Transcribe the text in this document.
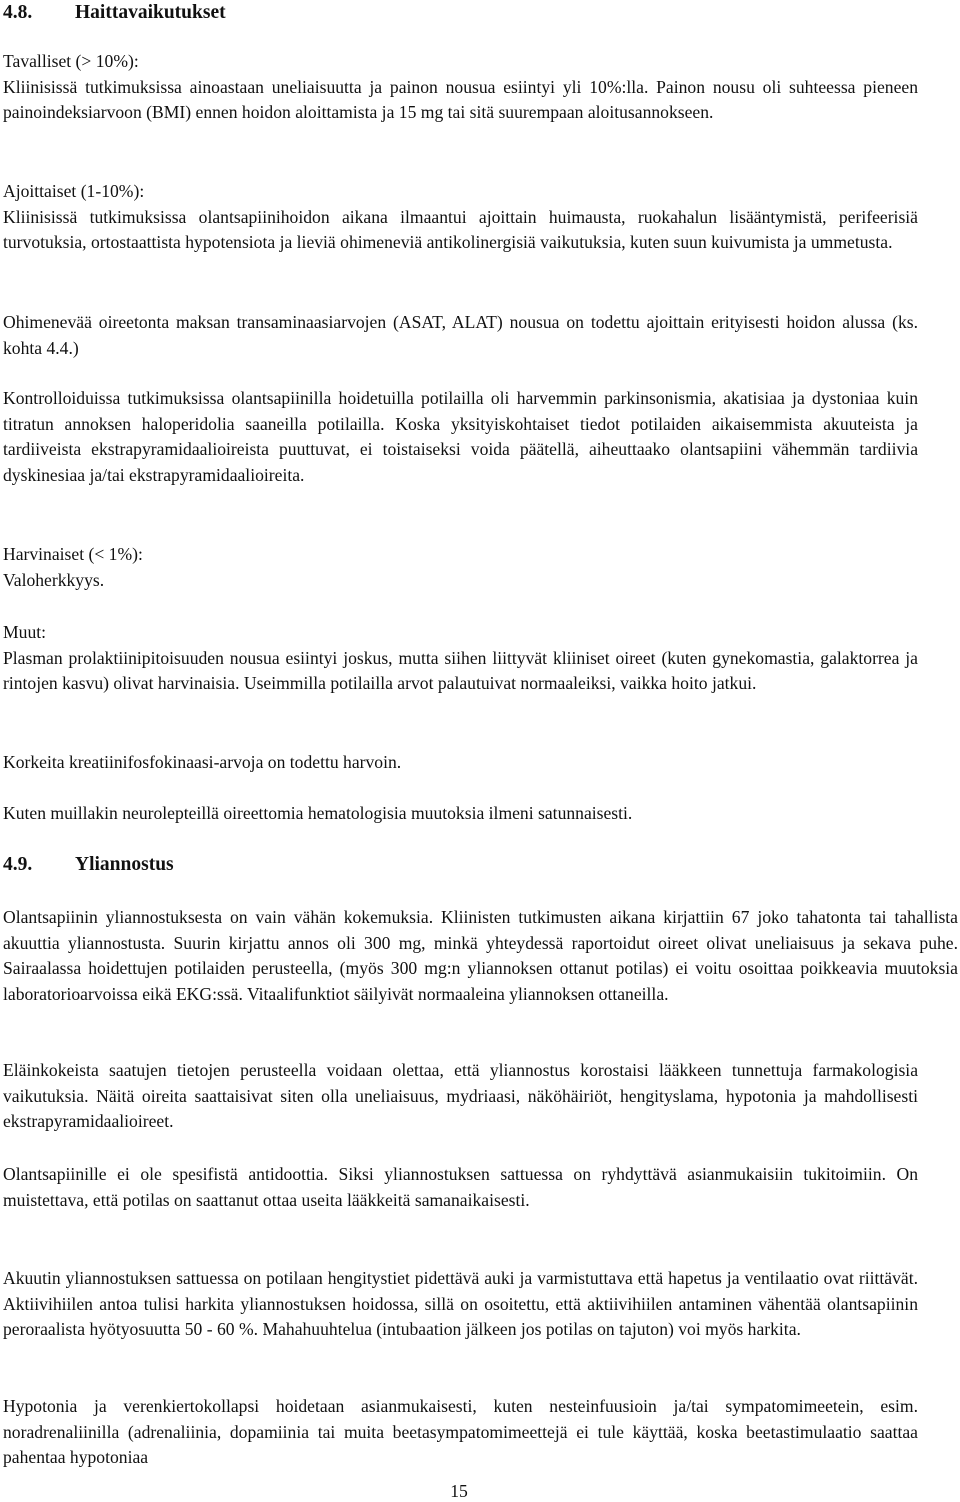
4.8.	Haittavaikutukset

Tavalliset (> 10%):

Kliinisissä tutkimuksissa ainoastaan uneliaisuutta ja painon nousua esiintyi yli 10%:lla. Painon nousu oli suhteessa pieneen painoindeksiarvoon (BMI) ennen hoidon aloittamista ja 15 mg tai sitä suurempaan aloitusannokseen.

Ajoittaiset (1-10%):

Kliinisissä tutkimuksissa olantsapiinihoidon aikana ilmaantui ajoittain huimausta, ruokahalun lisääntymistä, perifeerisiä turvotuksia, ortostaattista hypotensiota ja lieviä ohimeneviä antikolinergisiä vaikutuksia, kuten suun kuivumista ja ummetusta.

Ohimenevää oireetonta maksan transaminaasiarvojen (ASAT, ALAT) nousua on todettu ajoittain erityisesti hoidon alussa (ks. kohta 4.4.)

Kontrolloiduissa tutkimuksissa olantsapiinilla hoidetuilla potilailla oli harvemmin parkinsonismia, akatisiaa ja dystoniaa kuin titratun annoksen haloperidolia saaneilla potilailla. Koska yksityiskohtaiset tiedot potilaiden aikaisemmista akuuteista ja tardiiveista ekstrapyramidaalioireista puuttuvat, ei toistaiseksi voida päätellä, aiheuttaako olantsapiini vähemmän tardiivia dyskinesiaa ja/tai ekstrapyramidaalioireita.

Harvinaiset (< 1%):

Valoherkkyys.

Muut:

Plasman prolaktiinipitoisuuden nousua esiintyi joskus, mutta siihen liittyvät kliiniset oireet (kuten gynekomastia, galaktorrea ja rintojen kasvu) olivat harvinaisia. Useimmilla potilailla arvot palautuivat normaaleiksi, vaikka hoito jatkui.

Korkeita kreatiinifosfokinaasi-arvoja on todettu harvoin.

Kuten muillakin neurolepteillä oireettomia hematologisia muutoksia ilmeni satunnaisesti.

4.9.	Yliannostus

Olantsapiinin yliannostuksesta on vain vähän kokemuksia. Kliinisten tutkimusten aikana kirjattiin 67 joko tahatonta tai tahallista akuuttia yliannostusta. Suurin kirjattu annos oli 300 mg, minkä yhteydessä raportoidut oireet olivat uneliaisuus ja sekava puhe. Sairaalassa hoidettujen potilaiden perusteella, (myös 300 mg:n yliannoksen ottanut potilas) ei voitu osoittaa poikkeavia muutoksia laboratorioarvoissa eikä EKG:ssä. Vitaalifunktiot säilyivät normaaleina yliannoksen ottaneilla.

Eläinkokeista saatujen tietojen perusteella voidaan olettaa, että yliannostus korostaisi lääkkeen tunnettuja farmakologisia vaikutuksia. Näitä oireita saattaisivat siten olla uneliaisuus, mydriaasi, näköhäiriöt, hengityslama, hypotonia ja mahdollisesti ekstrapyramidaalioireet.

Olantsapiinille ei ole spesifistä antidoottia. Siksi yliannostuksen sattuessa on ryhdyttävä asianmukaisiin tukitoimiin. On muistettava, että potilas on saattanut ottaa useita lääkkeitä samanaikaisesti.

Akuutin yliannostuksen sattuessa on potilaan hengitystiet pidettävä auki ja varmistuttava että hapetus ja ventilaatio ovat riittävät. Aktiivihiilen antoa tulisi harkita yliannostuksen hoidossa, sillä on osoitettu, että aktiivihiilen antaminen vähentää olantsapiinin peroraalista hyötyosuutta 50 - 60 %. Mahahuuhtelua (intubaation jälkeen jos potilas on tajuton) voi myös harkita.

Hypotonia ja verenkiertokollapsi hoidetaan asianmukaisesti, kuten nesteinfuusioin ja/tai sympatomimeetein, esim. noradrenaliinilla (adrenaliinia, dopamiinia tai muita beetasympatomimeettejä ei tule käyttää, koska beetastimulaatio saattaa pahentaa hypotoniaa

15
